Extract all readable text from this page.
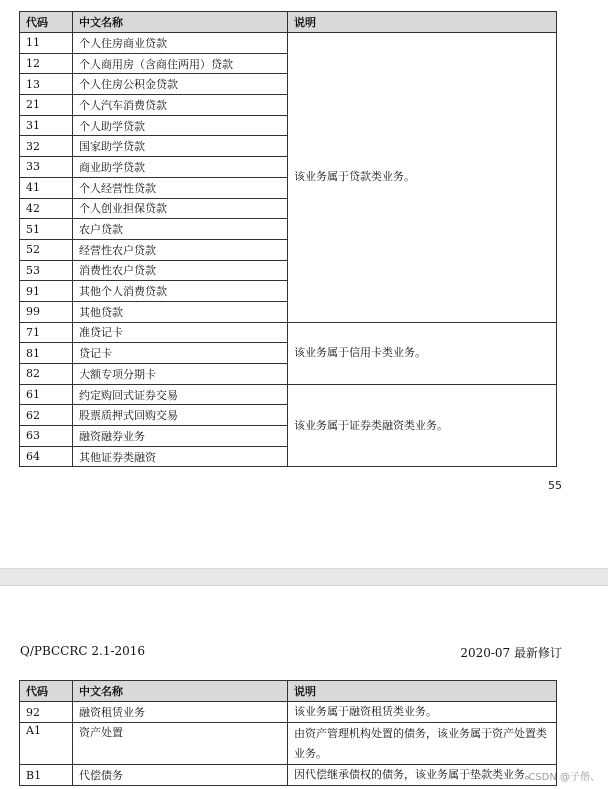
代码	中文名称	说明
11	个人住房商业贷款	该业务属于贷款类业务。
12	个人商用房（含商住两用）贷款	
13	个人住房公积金贷款	
21	个人汽车消费贷款	
31	个人助学贷款	
32	国家助学贷款	
33	商业助学贷款	
41	个人经营性贷款	
42	个人创业担保贷款	
51	农户贷款	
52	经营性农户贷款	
53	消费性农户贷款	
91	其他个人消费贷款	
99	其他贷款	
71	准贷记卡	该业务属于信用卡类业务。
81	贷记卡	
82	大额专项分期卡	
61	约定购回式证券交易	该业务属于证券类融资类业务。
62	股票质押式回购交易	
63	融资融券业务	
64	其他证券类融资	
55
Q/PBCCRC 2.1-2016	2020-07 最新修订
代码	中文名称	说明
92	融资租赁业务	该业务属于融资租赁类业务。
A1	资产处置	由资产管理机构处置的债务，该业务属于资产处置类业务。
B1	代偿债务	因代偿继承债权的债务，该业务属于垫款类业务。
CSDN @子偕、
